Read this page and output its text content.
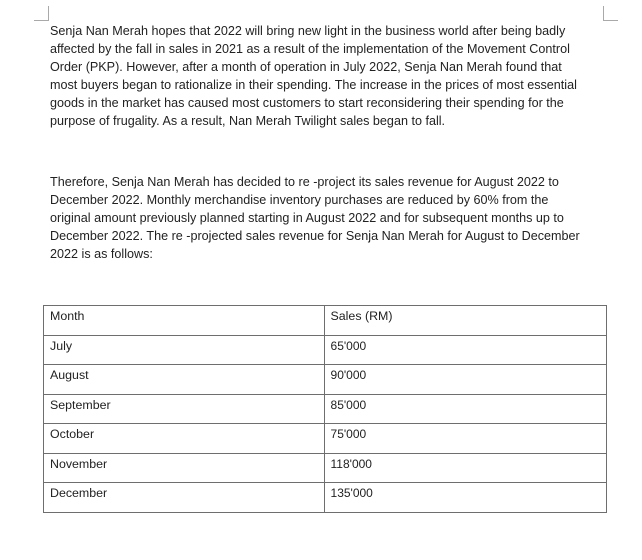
Senja Nan Merah hopes that 2022 will bring new light in the business world after being badly
affected by the fall in sales in 2021 as a result of the implementation of the Movement Control
Order (PKP). However, after a month of operation in July 2022, Senja Nan Merah found that
most buyers began to rationalize in their spending. The increase in the prices of most essential
goods in the market has caused most customers to start reconsidering their spending for the
purpose of frugality. As a result, Nan Merah Twilight sales began to fall.

Therefore, Senja Nan Merah has decided to re -project its sales revenue for August 2022 to
December 2022. Monthly merchandise inventory purchases are reduced by 60% from the
original amount previously planned starting in August 2022 and for subsequent months up to
December 2022. The re -projected sales revenue for Senja Nan Merah for August to December
2022 is as follows:

Month	Sales (RM)
July	65'000
August	90'000
September	85'000
October	75'000
November	118'000
December	135'000
